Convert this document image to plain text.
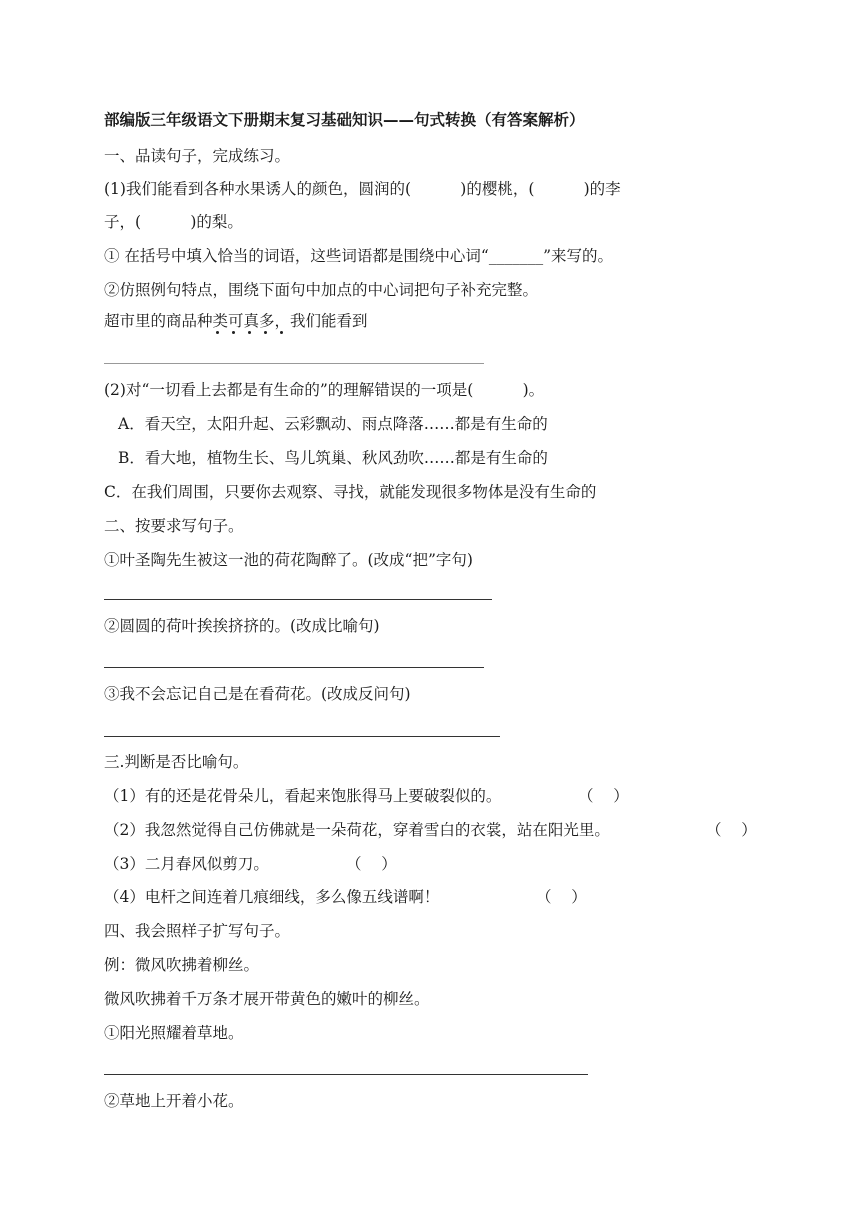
部编版三年级语文下册期末复习基础知识——句式转换（有答案解析）
一、品读句子，完成练习。
(1)我们能看到各种水果诱人的颜色，圆润的(          )的樱桃，(          )的李
子，(          )的梨。
① 在括号中填入恰当的词语，这些词语都是围绕中心词“_______”来写的。
②仿照例句特点，围绕下面句中加点的中心词把句子补充完整。
超市里的商品种类可真多，我们能看到
(2)对“一切看上去都是有生命的”的理解错误的一项是(          )。
A．看天空，太阳升起、云彩飘动、雨点降落……都是有生命的
B．看大地，植物生长、鸟儿筑巢、秋风劲吹……都是有生命的
C．在我们周围，只要你去观察、寻找，就能发现很多物体是没有生命的
二、按要求写句子。
①叶圣陶先生被这一池的荷花陶醉了。(改成“把”字句)
②圆圆的荷叶挨挨挤挤的。(改成比喻句)
③我不会忘记自己是在看荷花。(改成反问句)
三.判断是否比喻句。
（1）有的还是花骨朵儿，看起来饱胀得马上要破裂似的。	（    ）
（2）我忽然觉得自己仿佛就是一朵荷花，穿着雪白的衣裳，站在阳光里。	（    ）
（3）二月春风似剪刀。	（    ）
（4）电杆之间连着几痕细线，多么像五线谱啊！	（    ）
四、我会照样子扩写句子。
例：微风吹拂着柳丝。
微风吹拂着千万条才展开带黄色的嫩叶的柳丝。
①阳光照耀着草地。
②草地上开着小花。
